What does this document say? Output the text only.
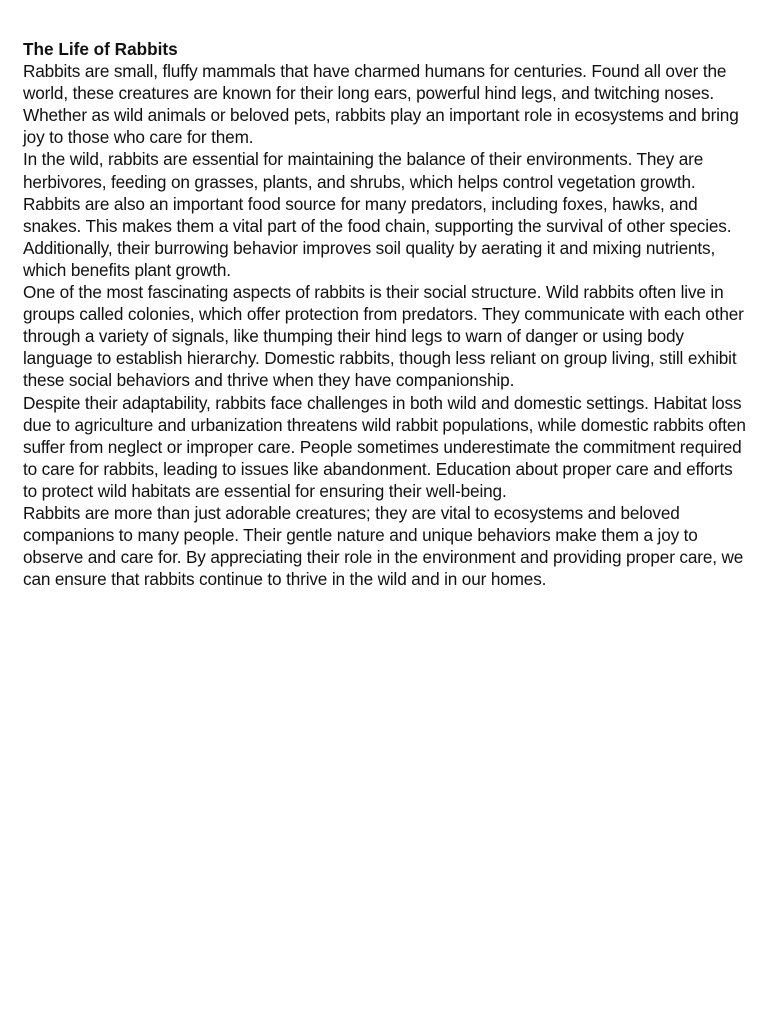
The Life of Rabbits

Rabbits are small, fluffy mammals that have charmed humans for centuries. Found all over the world, these creatures are known for their long ears, powerful hind legs, and twitching noses. Whether as wild animals or beloved pets, rabbits play an important role in ecosystems and bring joy to those who care for them.

In the wild, rabbits are essential for maintaining the balance of their environments. They are herbivores, feeding on grasses, plants, and shrubs, which helps control vegetation growth. Rabbits are also an important food source for many predators, including foxes, hawks, and snakes. This makes them a vital part of the food chain, supporting the survival of other species. Additionally, their burrowing behavior improves soil quality by aerating it and mixing nutrients, which benefits plant growth.

One of the most fascinating aspects of rabbits is their social structure. Wild rabbits often live in groups called colonies, which offer protection from predators. They communicate with each other through a variety of signals, like thumping their hind legs to warn of danger or using body language to establish hierarchy. Domestic rabbits, though less reliant on group living, still exhibit these social behaviors and thrive when they have companionship.

Despite their adaptability, rabbits face challenges in both wild and domestic settings. Habitat loss due to agriculture and urbanization threatens wild rabbit populations, while domestic rabbits often suffer from neglect or improper care. People sometimes underestimate the commitment required to care for rabbits, leading to issues like abandonment. Education about proper care and efforts to protect wild habitats are essential for ensuring their well-being.

Rabbits are more than just adorable creatures; they are vital to ecosystems and beloved companions to many people. Their gentle nature and unique behaviors make them a joy to observe and care for. By appreciating their role in the environment and providing proper care, we can ensure that rabbits continue to thrive in the wild and in our homes.
